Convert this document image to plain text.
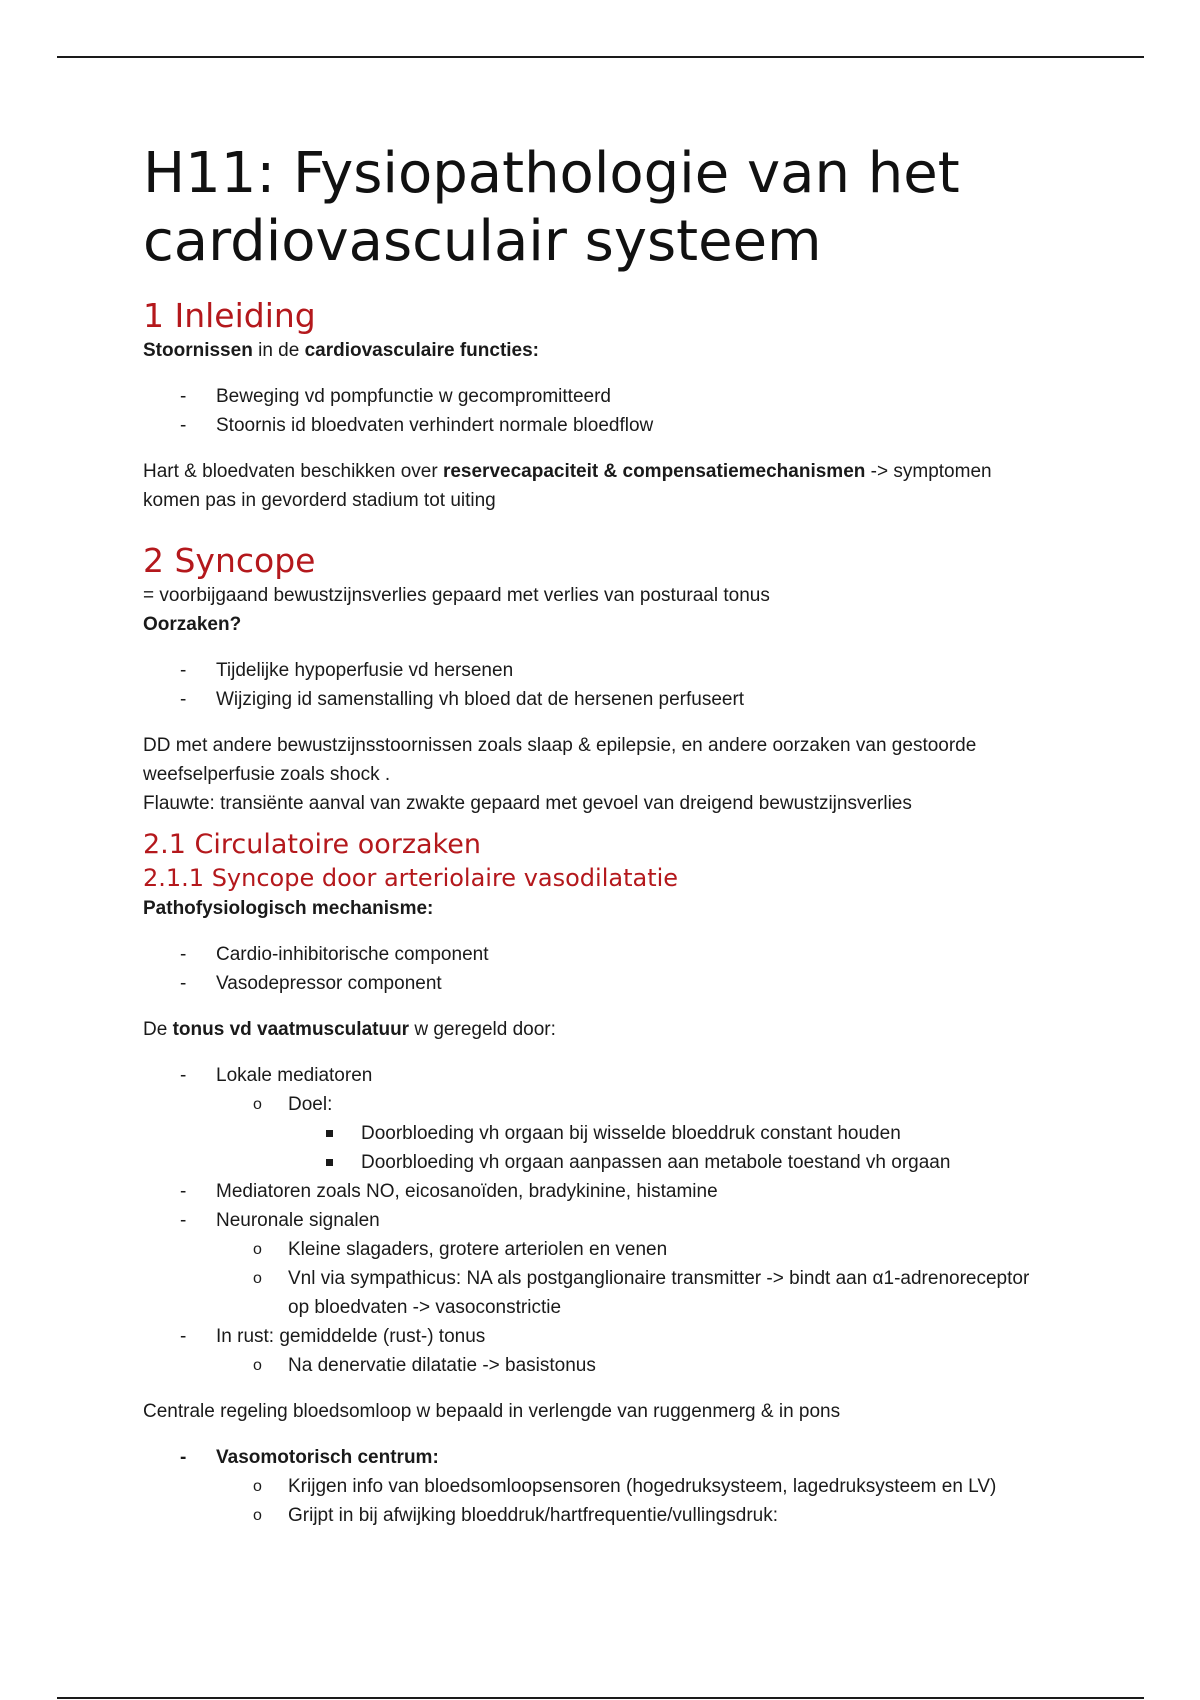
H11: Fysiopathologie van het cardiovasculair systeem
1 Inleiding

Stoornissen in de cardiovasculaire functies:

- Beweging vd pompfunctie w gecompromitteerd
- Stoornis id bloedvaten verhindert normale bloedflow

Hart & bloedvaten beschikken over reservecapaciteit & compensatiemechanismen -> symptomen komen pas in gevorderd stadium tot uiting

2 Syncope

= voorbijgaand bewustzijnsverlies gepaard met verlies van posturaal tonus

Oorzaken?

- Tijdelijke hypoperfusie vd hersenen
- Wijziging id samenstalling vh bloed dat de hersenen perfuseert

DD met andere bewustzijnsstoornissen zoals slaap & epilepsie, en andere oorzaken van gestoorde weefselperfusie zoals shock .

Flauwte: transiënte aanval van zwakte gepaard met gevoel van dreigend bewustzijnsverlies

2.1 Circulatoire oorzaken
2.1.1 Syncope door arteriolaire vasodilatatie

Pathofysiologisch mechanisme:

- Cardio-inhibitorische component
- Vasodepressor component

De tonus vd vaatmusculatuur w geregeld door:

- Lokale mediatoren
o Doel:
Doorbloeding vh orgaan bij wisselde bloeddruk constant houden
Doorbloeding vh orgaan aanpassen aan metabole toestand vh orgaan
- Mediatoren zoals NO, eicosanoïden, bradykinine, histamine
- Neuronale signalen
o Kleine slagaders, grotere arteriolen en venen
o Vnl via sympathicus: NA als postganglionaire transmitter -> bindt aan α1-adrenoreceptor op bloedvaten -> vasoconstrictie
- In rust: gemiddelde (rust-) tonus
o Na denervatie dilatatie -> basistonus

Centrale regeling bloedsomloop w bepaald in verlengde van ruggenmerg & in pons

- Vasomotorisch centrum:
o Krijgen info van bloedsomloopsensoren (hogedruksysteem, lagedruksysteem en LV)
o Grijpt in bij afwijking bloeddruk/hartfrequentie/vullingsdruk:
